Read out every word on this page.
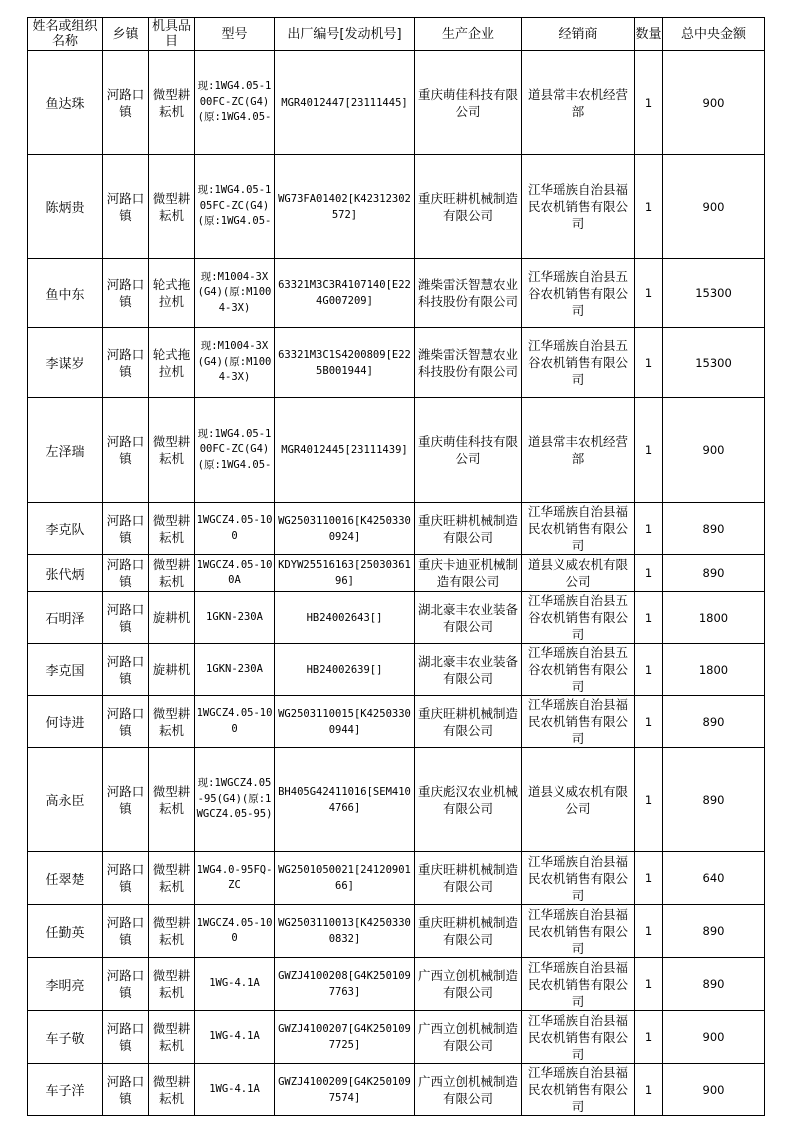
姓名或组织名称	乡镇	机具品目	型号	出厂编号[发动机号]	生产企业	经销商	数量	总中央金额
鱼达珠	河路口镇	微型耕耘机	现:1WG4.05-100FC-ZC(G4)(原:1WG4.05-	MGR4012447[23111445]	重庆萌佳科技有限公司	道县常丰农机经营部	1	900
陈炳贵	河路口镇	微型耕耘机	现:1WG4.05-105FC-ZC(G4)(原:1WG4.05-	WG73FA01402[K42312302572]	重庆旺耕机械制造有限公司	江华瑶族自治县福民农机销售有限公司	1	900
鱼中东	河路口镇	轮式拖拉机	现:M1004-3X(G4)(原:M1004-3X)	63321M3C3R4107140[E224G007209]	潍柴雷沃智慧农业科技股份有限公司	江华瑶族自治县五谷农机销售有限公司	1	15300
李谋岁	河路口镇	轮式拖拉机	现:M1004-3X(G4)(原:M1004-3X)	63321M3C1S4200809[E225B001944]	潍柴雷沃智慧农业科技股份有限公司	江华瑶族自治县五谷农机销售有限公司	1	15300
左泽瑞	河路口镇	微型耕耘机	现:1WG4.05-100FC-ZC(G4)(原:1WG4.05-	MGR4012445[23111439]	重庆萌佳科技有限公司	道县常丰农机经营部	1	900
李克队	河路口镇	微型耕耘机	1WGCZ4.05-100	WG2503110016[K42503300924]	重庆旺耕机械制造有限公司	江华瑶族自治县福民农机销售有限公司	1	890
张代炳	河路口镇	微型耕耘机	1WGCZ4.05-100A	KDYW25516163[2503036196]	重庆卡迪亚机械制造有限公司	道县义威农机有限公司	1	890
石明泽	河路口镇	旋耕机	1GKN-230A	HB24002643[]	湖北豪丰农业装备有限公司	江华瑶族自治县五谷农机销售有限公司	1	1800
李克国	河路口镇	旋耕机	1GKN-230A	HB24002639[]	湖北豪丰农业装备有限公司	江华瑶族自治县五谷农机销售有限公司	1	1800
何诗进	河路口镇	微型耕耘机	1WGCZ4.05-100	WG2503110015[K42503300944]	重庆旺耕机械制造有限公司	江华瑶族自治县福民农机销售有限公司	1	890
高永臣	河路口镇	微型耕耘机	现:1WGCZ4.05-95(G4)(原:1WGCZ4.05-95)	BH405G42411016[SEM4104766]	重庆彪汉农业机械有限公司	道县义威农机有限公司	1	890
任翠楚	河路口镇	微型耕耘机	1WG4.0-95FQ-ZC	WG2501050021[2412090166]	重庆旺耕机械制造有限公司	江华瑶族自治县福民农机销售有限公司	1	640
任勤英	河路口镇	微型耕耘机	1WGCZ4.05-100	WG2503110013[K42503300832]	重庆旺耕机械制造有限公司	江华瑶族自治县福民农机销售有限公司	1	890
李明亮	河路口镇	微型耕耘机	1WG-4.1A	GWZJ4100208[G4K2501097763]	广西立创机械制造有限公司	江华瑶族自治县福民农机销售有限公司	1	890
车子敬	河路口镇	微型耕耘机	1WG-4.1A	GWZJ4100207[G4K2501097725]	广西立创机械制造有限公司	江华瑶族自治县福民农机销售有限公司	1	900
车子洋	河路口镇	微型耕耘机	1WG-4.1A	GWZJ4100209[G4K2501097574]	广西立创机械制造有限公司	江华瑶族自治县福民农机销售有限公司	1	900
